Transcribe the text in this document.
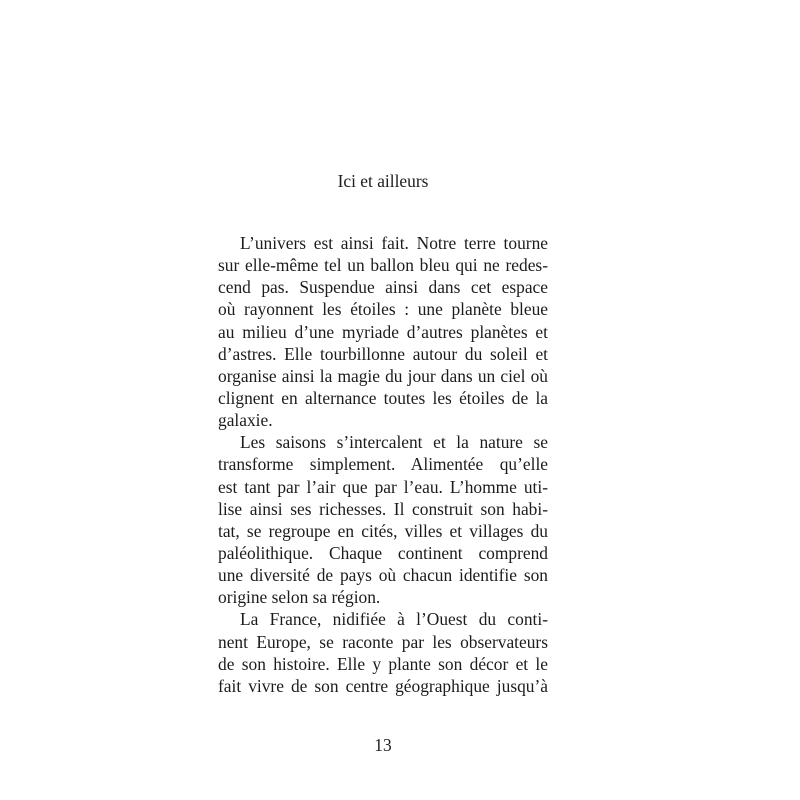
Ici et ailleurs
L’univers est ainsi fait. Notre terre tourne
sur elle-même tel un ballon bleu qui ne redes-
cend pas. Suspendue ainsi dans cet espace
où rayonnent les étoiles : une planète bleue
au milieu d’une myriade d’autres planètes et
d’astres. Elle tourbillonne autour du soleil et
organise ainsi la magie du jour dans un ciel où
clignent en alternance toutes les étoiles de la
galaxie.
Les saisons s’intercalent et la nature se
transforme simplement. Alimentée qu’elle
est tant par l’air que par l’eau. L’homme uti-
lise ainsi ses richesses. Il construit son habi-
tat, se regroupe en cités, villes et villages du
paléolithique. Chaque continent comprend
une diversité de pays où chacun identifie son
origine selon sa région.
La France, nidifiée à l’Ouest du conti-
nent Europe, se raconte par les observateurs
de son histoire. Elle y plante son décor et le
fait vivre de son centre géographique jusqu’à
13
